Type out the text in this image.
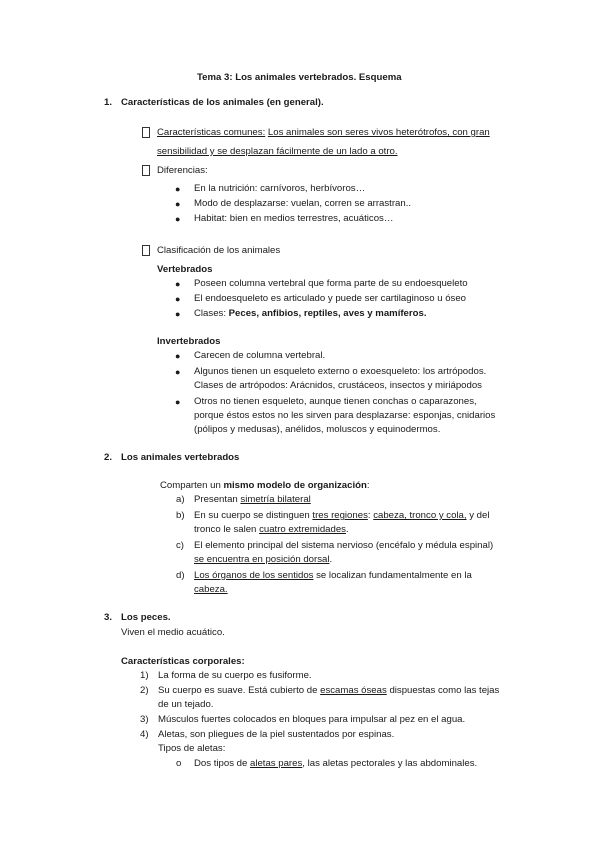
Tema 3: Los animales vertebrados. Esquema
1. Características de los animales (en general).
Características comunes: Los animales son seres vivos heterótrofos, con gran
sensibilidad y se desplazan fácilmente de un lado a otro.
Diferencias:
● En la nutrición: carnívoros, herbívoros…
● Modo de desplazarse: vuelan, corren se arrastran..
● Habitat: bien en medios terrestres, acuáticos…
Clasificación de los animales
Vertebrados
● Poseen columna vertebral que forma parte de su endoesqueleto
● El endoesqueleto es articulado y puede ser cartilaginoso u óseo
● Clases: Peces, anfibios, reptiles, aves y mamíferos.
Invertebrados
● Carecen de columna vertebral.
● Algunos tienen un esqueleto externo o exoesqueleto: los artrópodos.
Clases de artrópodos: Arácnidos, crustáceos, insectos y miriápodos
● Otros no tienen esqueleto, aunque tienen conchas o caparazones,
porque éstos estos no les sirven para desplazarse: esponjas, cnidarios
(pólipos y medusas), anélidos, moluscos y equinodermos.
2. Los animales vertebrados
Comparten un mismo modelo de organización:
a) Presentan simetría bilateral
b) En su cuerpo se distinguen tres regiones: cabeza, tronco y cola, y del
tronco le salen cuatro extremidades.
c) El elemento principal del sistema nervioso (encéfalo y médula espinal)
se encuentra en posición dorsal.
d) Los órganos de los sentidos se localizan fundamentalmente en la
cabeza.
3. Los peces.
Viven el medio acuático.
Características corporales:
1) La forma de su cuerpo es fusiforme.
2) Su cuerpo es suave. Está cubierto de escamas óseas dispuestas como las tejas
de un tejado.
3) Músculos fuertes colocados en bloques para impulsar al pez en el agua.
4) Aletas, son pliegues de la piel sustentados por espinas.
Tipos de aletas:
o Dos tipos de aletas pares, las aletas pectorales y las abdominales.
